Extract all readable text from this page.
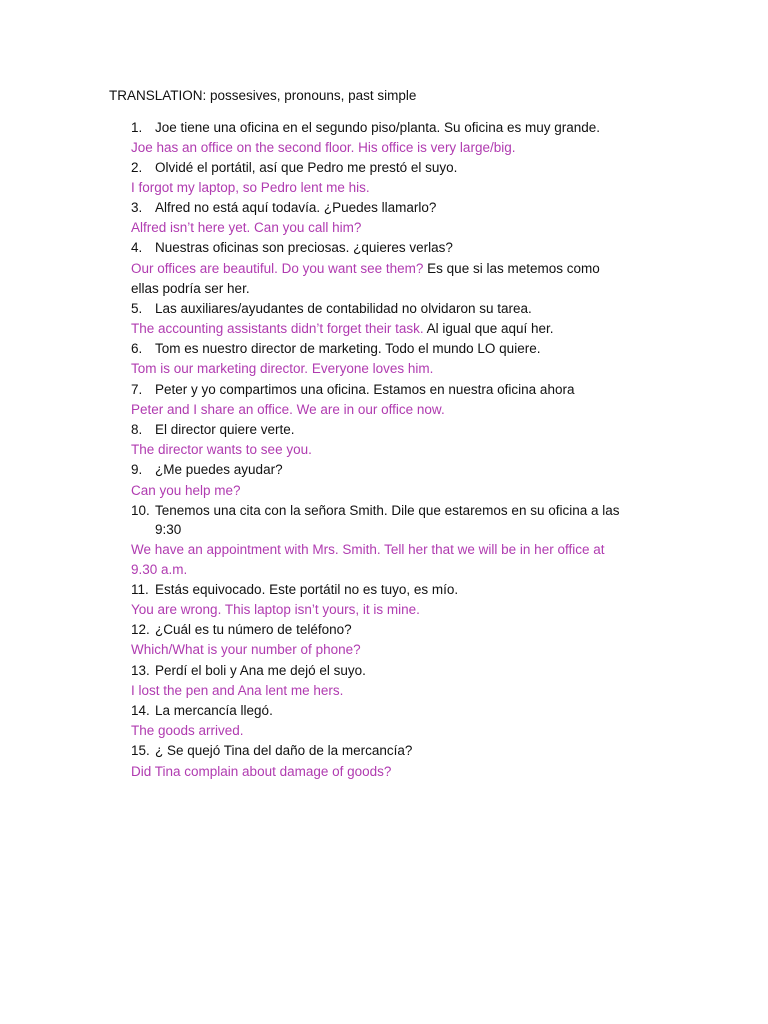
TRANSLATION: possesives, pronouns, past simple
1. Joe tiene una oficina en el segundo piso/planta. Su oficina es muy grande.
Joe has an office on the second floor. His office is very large/big.
2. Olvidé el portátil, así que Pedro me prestó el suyo.
I forgot my laptop, so Pedro lent me his.
3. Alfred no está aquí todavía. ¿Puedes llamarlo?
Alfred isn’t here yet. Can you call him?
4. Nuestras oficinas son preciosas. ¿quieres verlas?
Our offices are beautiful. Do you want see them? Es que si las metemos como
ellas podría ser her.
5. Las auxiliares/ayudantes de contabilidad no olvidaron su tarea.
The accounting assistants didn’t forget their task. Al igual que aquí her.
6. Tom es nuestro director de marketing. Todo el mundo LO quiere.
Tom is our marketing director. Everyone loves him.
7. Peter y yo compartimos una oficina. Estamos en nuestra oficina ahora
Peter and I share an office. We are in our office now.
8. El director quiere verte.
The director wants to see you.
9. ¿Me puedes ayudar?
Can you help me?
10. Tenemos una cita con la señora Smith. Dile que estaremos en su oficina a las
9:30
We have an appointment with Mrs. Smith. Tell her that we will be in her office at
9.30 a.m.
11. Estás equivocado. Este portátil no es tuyo, es mío.
You are wrong. This laptop isn’t yours, it is mine.
12. ¿Cuál es tu número de teléfono?
Which/What is your number of phone?
13. Perdí el boli y Ana me dejó el suyo.
I lost the pen and Ana lent me hers.
14. La mercancía llegó.
The goods arrived.
15. ¿ Se quejó Tina del daño de la mercancía?
Did Tina complain about damage of goods?
